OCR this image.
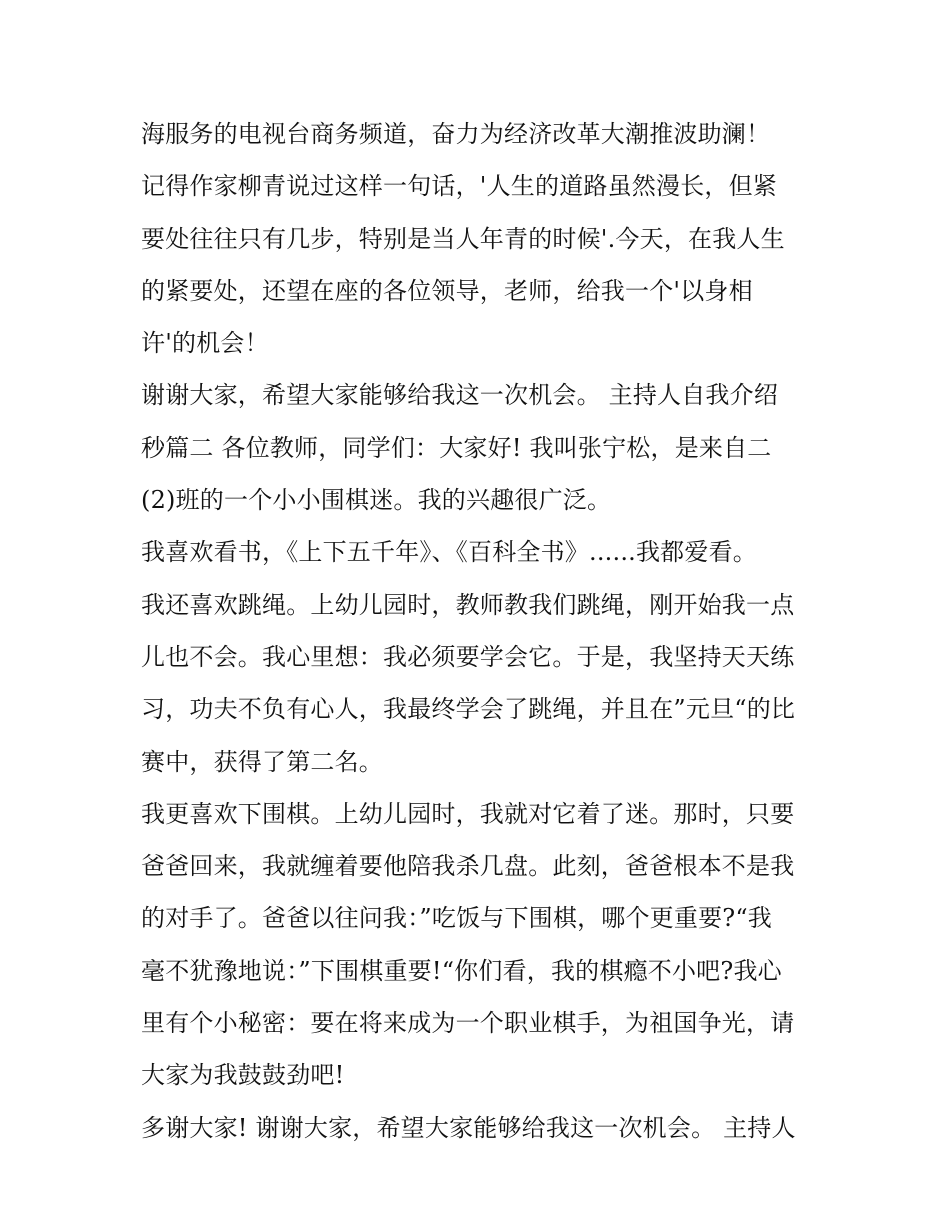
海服务的电视台商务频道，奋力为经济改革大潮推波助澜！
记得作家柳青说过这样一句话，'人生的道路虽然漫长，但紧
要处往往只有几步，特别是当人年青的时候'.今天，在我人生
的紧要处，还望在座的各位领导，老师，给我一个'以身相
许'的机会！
谢谢大家，希望大家能够给我这一次机会。 主持人自我介绍
秒篇二 各位教师，同学们：大家好! 我叫张宁松，是来自二
(2)班的一个小小围棋迷。我的兴趣很广泛。
我喜欢看书，《上下五千年》、《百科全书》......我都爱看。
我还喜欢跳绳。上幼儿园时，教师教我们跳绳，刚开始我一点
儿也不会。我心里想：我必须要学会它。于是，我坚持天天练
习，功夫不负有心人，我最终学会了跳绳，并且在”元旦“的比
赛中，获得了第二名。
我更喜欢下围棋。上幼儿园时，我就对它着了迷。那时，只要
爸爸回来，我就缠着要他陪我杀几盘。此刻，爸爸根本不是我
的对手了。爸爸以往问我：”吃饭与下围棋，哪个更重要?“我
毫不犹豫地说：”下围棋重要!“你们看，我的棋瘾不小吧?我心
里有个小秘密：要在将来成为一个职业棋手，为祖国争光，请
大家为我鼓鼓劲吧!
多谢大家! 谢谢大家，希望大家能够给我这一次机会。 主持人
